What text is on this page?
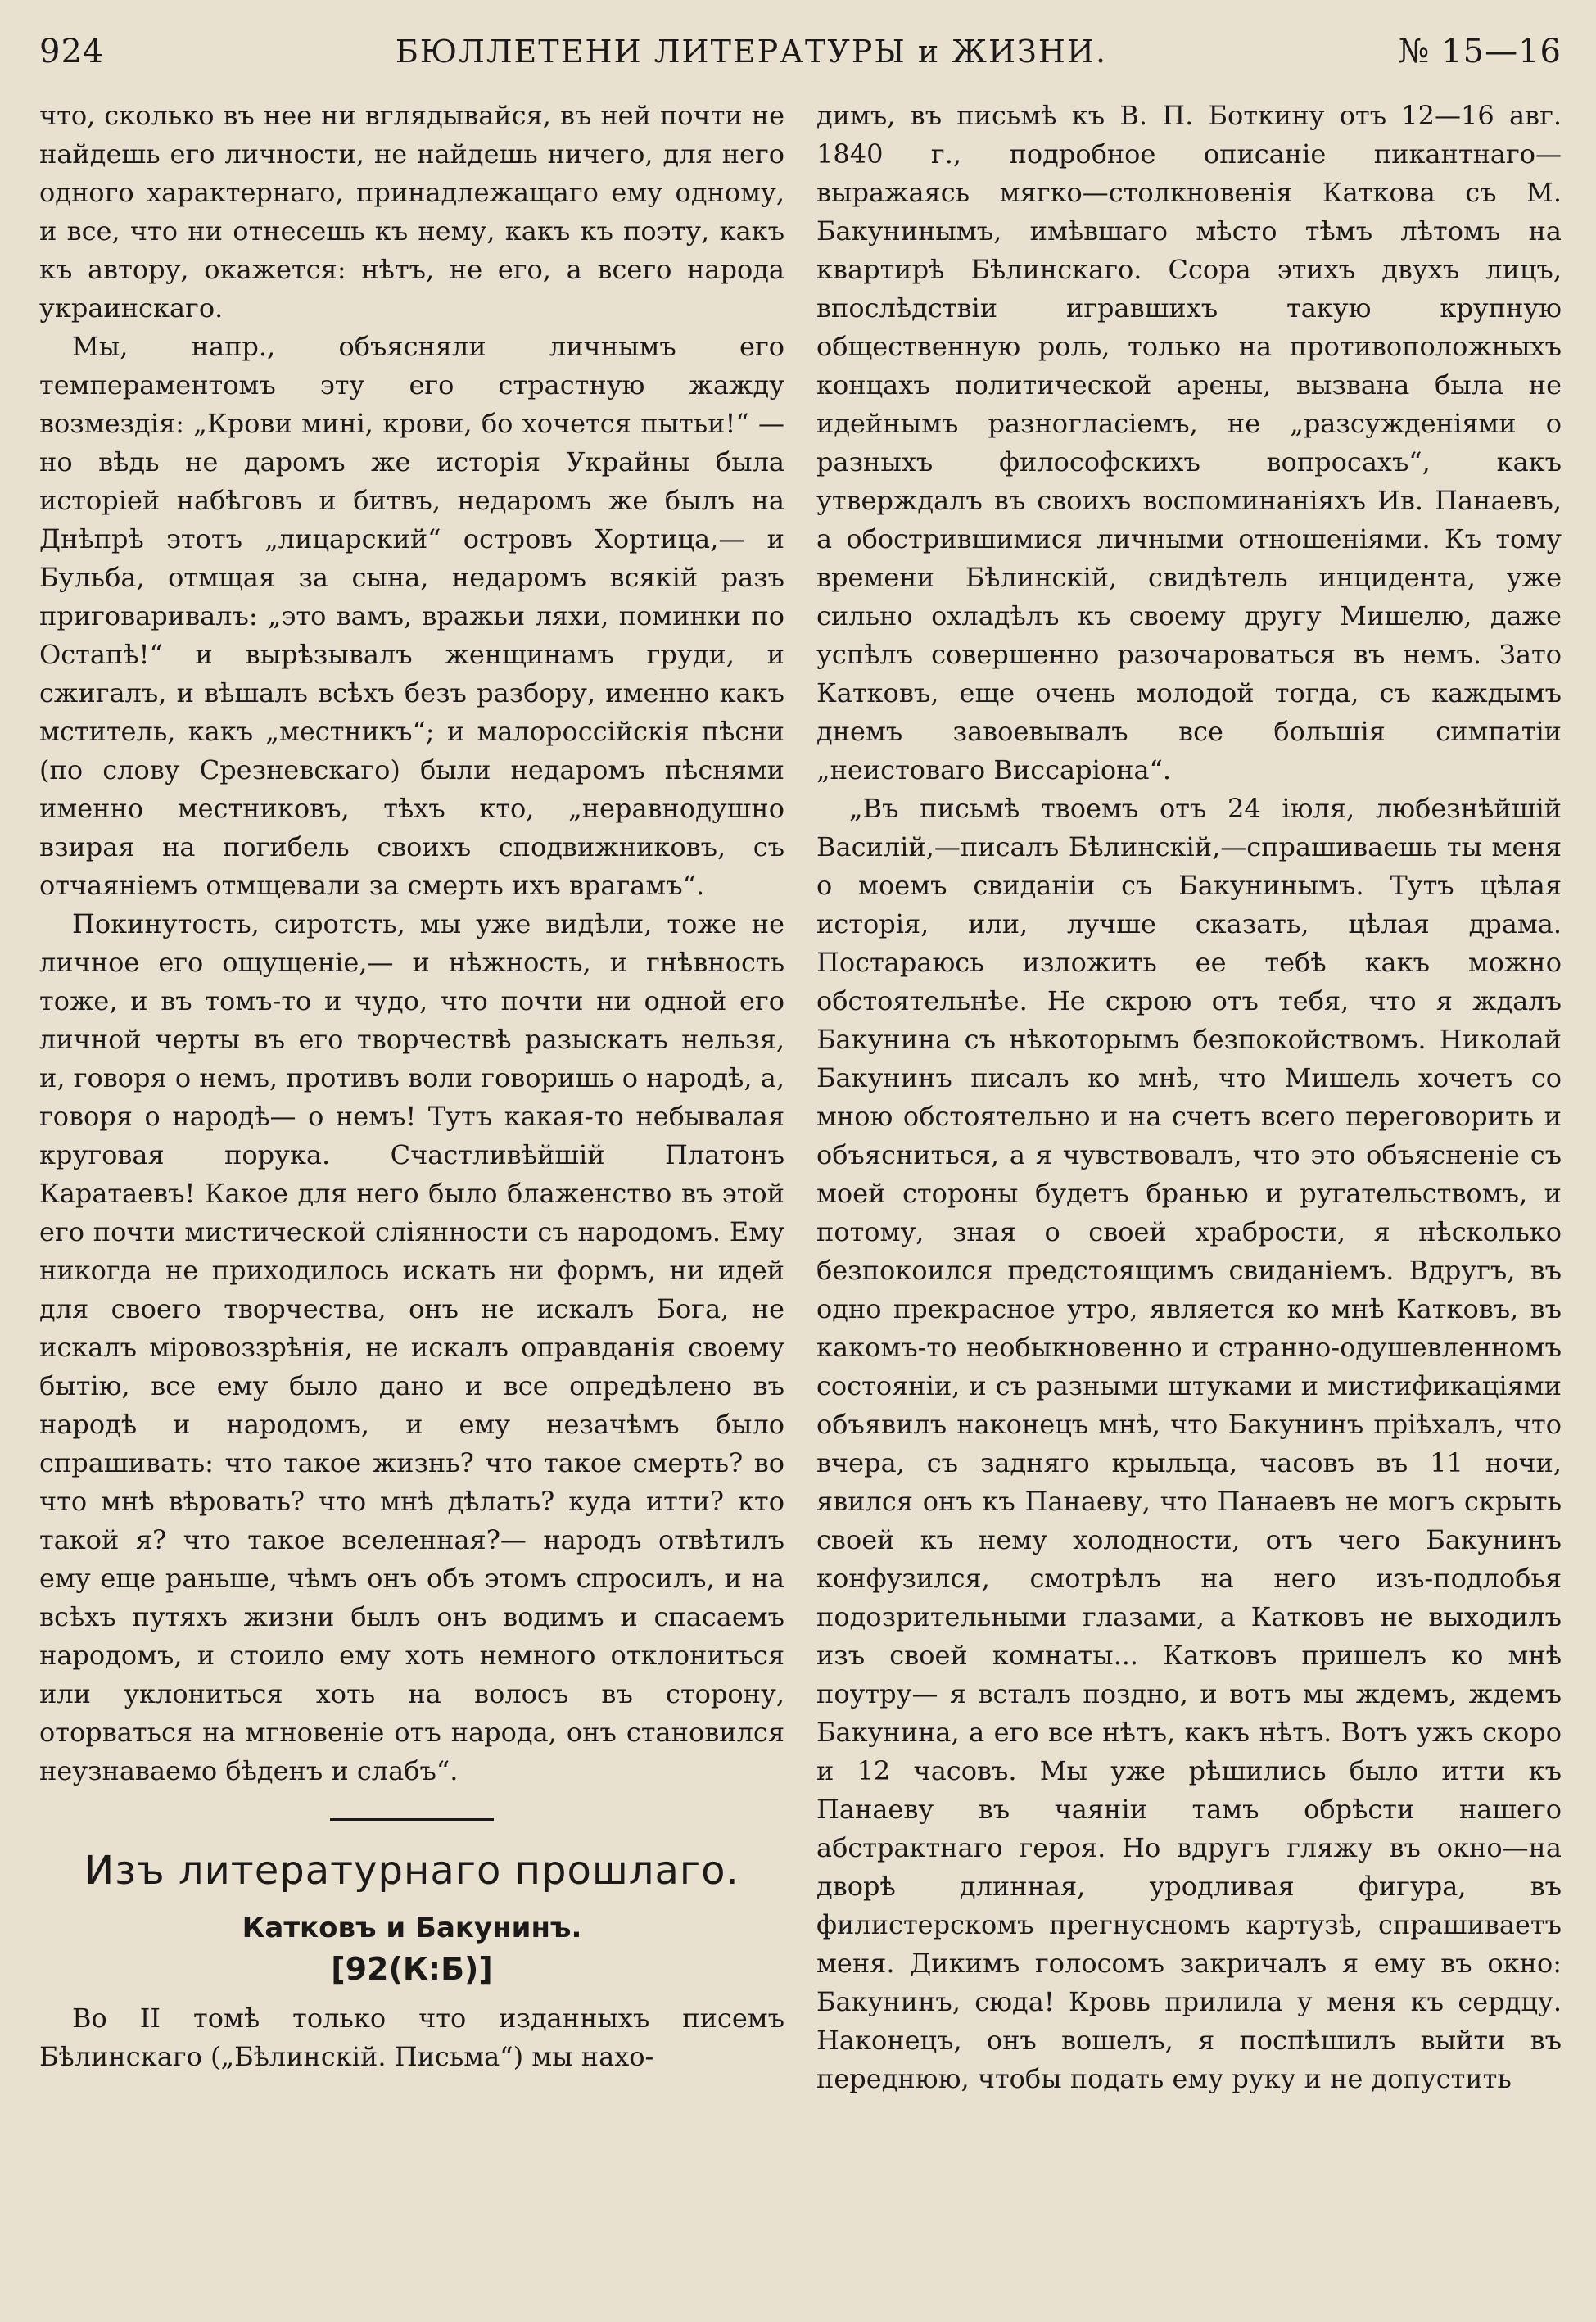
924	БЮЛЛЕТЕНИ ЛИТЕРАТУРЫ и ЖИЗНИ.	№ 15—16

что, сколько въ нее ни вглядывайся, въ ней почти не найдешь его личности, не найдешь ничего, для него одного характернаго, принадлежащаго ему одному, и все, что ни отнесешь къ нему, какъ къ поэту, какъ къ автору, окажется: нѣтъ, не его, а всего народа украинскаго.

Мы, напр., объясняли личнымъ его темпераментомъ эту его страстную жажду возмездія: „Крови мині, крови, бо хочется пытьи!“ — но вѣдь не даромъ же исторія Украйны была исторіей набѣговъ и битвъ, недаромъ же былъ на Днѣпрѣ этотъ „лицарский“ островъ Хортица,— и Бульба, отмщая за сына, недаромъ всякій разъ приговаривалъ: „это вамъ, вражьи ляхи, поминки по Остапѣ!“ и вырѣзывалъ женщинамъ груди, и сжигалъ, и вѣшалъ всѣхъ безъ разбору, именно какъ мститель, какъ „местникъ“; и малороссійскія пѣсни (по слову Срезневскаго) были недаромъ пѣснями именно местниковъ, тѣхъ кто, „неравнодушно взирая на погибель своихъ сподвижниковъ, съ отчаяніемъ отмщевали за смерть ихъ врагамъ“.

Покинутость, сиротсть, мы уже видѣли, тоже не личное его ощущеніе,— и нѣжность, и гнѣвность тоже, и въ томъ-то и чудо, что почти ни одной его личной черты въ его творчествѣ разыскать нельзя, и, говоря о немъ, противъ воли говоришь о народѣ, а, говоря о народѣ— о немъ! Тутъ какая-то небывалая круговая порука. Счастливѣйшій Платонъ Каратаевъ! Какое для него было блаженство въ этой его почти мистической слiянности съ народомъ. Ему никогда не приходилось искать ни формъ, ни идей для своего творчества, онъ не искалъ Бога, не искалъ міровоззрѣнія, не искалъ оправданія своему бытію, все ему было дано и все опредѣлено въ народѣ и народомъ, и ему незачѣмъ было спрашивать: что такое жизнь? что такое смерть? во что мнѣ вѣровать? что мнѣ дѣлать? куда итти? кто такой я? что такое вселенная?— народъ отвѣтилъ ему еще раньше, чѣмъ онъ объ этомъ спросилъ, и на всѣхъ путяхъ жизни былъ онъ водимъ и спасаемъ народомъ, и стоило ему хоть немного отклониться или уклониться хоть на волосъ въ сторону, оторваться на мгновеніе отъ народа, онъ становился неузнаваемо бѣденъ и слабъ“.

Изъ литературнаго прошлаго.
Катковъ и Бакунинъ.
[92(К:Б)]

Во II томѣ только что изданныхъ писемъ Бѣлинскаго („Бѣлинскій. Письма“) мы нахо-

димъ, въ письмѣ къ В. П. Боткину отъ 12—16 авг. 1840 г., подробное описаніе пикантнаго— выражаясь мягко—столкновенія Каткова съ М. Бакунинымъ, имѣвшаго мѣсто тѣмъ лѣтомъ на квартирѣ Бѣлинскаго. Ссора этихъ двухъ лицъ, впослѣдствіи игравшихъ такую крупную общественную роль, только на противоположныхъ концахъ политической арены, вызвана была не идейнымъ разногласіемъ, не „разсужденіями о разныхъ философскихъ вопросахъ“, какъ утверждалъ въ своихъ воспоминаніяхъ Ив. Панаевъ, а обострившимися личными отношеніями. Къ тому времени Бѣлинскій, свидѣтель инцидента, уже сильно охладѣлъ къ своему другу Мишелю, даже успѣлъ совершенно разочароваться въ немъ. Зато Катковъ, еще очень молодой тогда, съ каждымъ днемъ завоевывалъ все большія симпатіи „неистоваго Виссаріона“.

„Въ письмѣ твоемъ отъ 24 іюля, любезнѣйшій Василій,—писалъ Бѣлинскій,—спрашиваешь ты меня о моемъ свиданіи съ Бакунинымъ. Тутъ цѣлая исторія, или, лучше сказать, цѣлая драма. Постараюсь изложить ее тебѣ какъ можно обстоятельнѣе. Не скрою отъ тебя, что я ждалъ Бакунина съ нѣкоторымъ безпокойствомъ. Николай Бакунинъ писалъ ко мнѣ, что Мишель хочетъ со мною обстоятельно и на счетъ всего переговорить и объясниться, а я чувствовалъ, что это объясненіе съ моей стороны будетъ бранью и ругательствомъ, и потому, зная о своей храбрости, я нѣсколько безпокоился предстоящимъ свиданіемъ. Вдругъ, въ одно прекрасное утро, является ко мнѣ Катковъ, въ какомъ-то необыкновенно и странно-одушевленномъ состояніи, и съ разными штуками и мистификаціями объявилъ наконецъ мнѣ, что Бакунинъ пріѣхалъ, что вчера, съ задняго крыльца, часовъ въ 11 ночи, явился онъ къ Панаеву, что Панаевъ не могъ скрыть своей къ нему холодности, отъ чего Бакунинъ конфузился, смотрѣлъ на него изъ-подлобья подозрительными глазами, а Катковъ не выходилъ изъ своей комнаты... Катковъ пришелъ ко мнѣ поутру— я всталъ поздно, и вотъ мы ждемъ, ждемъ Бакунина, а его все нѣтъ, какъ нѣтъ. Вотъ ужъ скоро и 12 часовъ. Мы уже рѣшились было итти къ Панаеву въ чаяніи тамъ обрѣсти нашего абстрактнаго героя. Но вдругъ гляжу въ окно—на дворѣ длинная, уродливая фигура, въ филистерскомъ прегнусномъ картузѣ, спрашиваетъ меня. Дикимъ голосомъ закричалъ я ему въ окно: Бакунинъ, сюда! Кровь прилила у меня къ сердцу. Наконецъ, онъ вошелъ, я поспѣшилъ выйти въ переднюю, чтобы подать ему руку и не допустить
